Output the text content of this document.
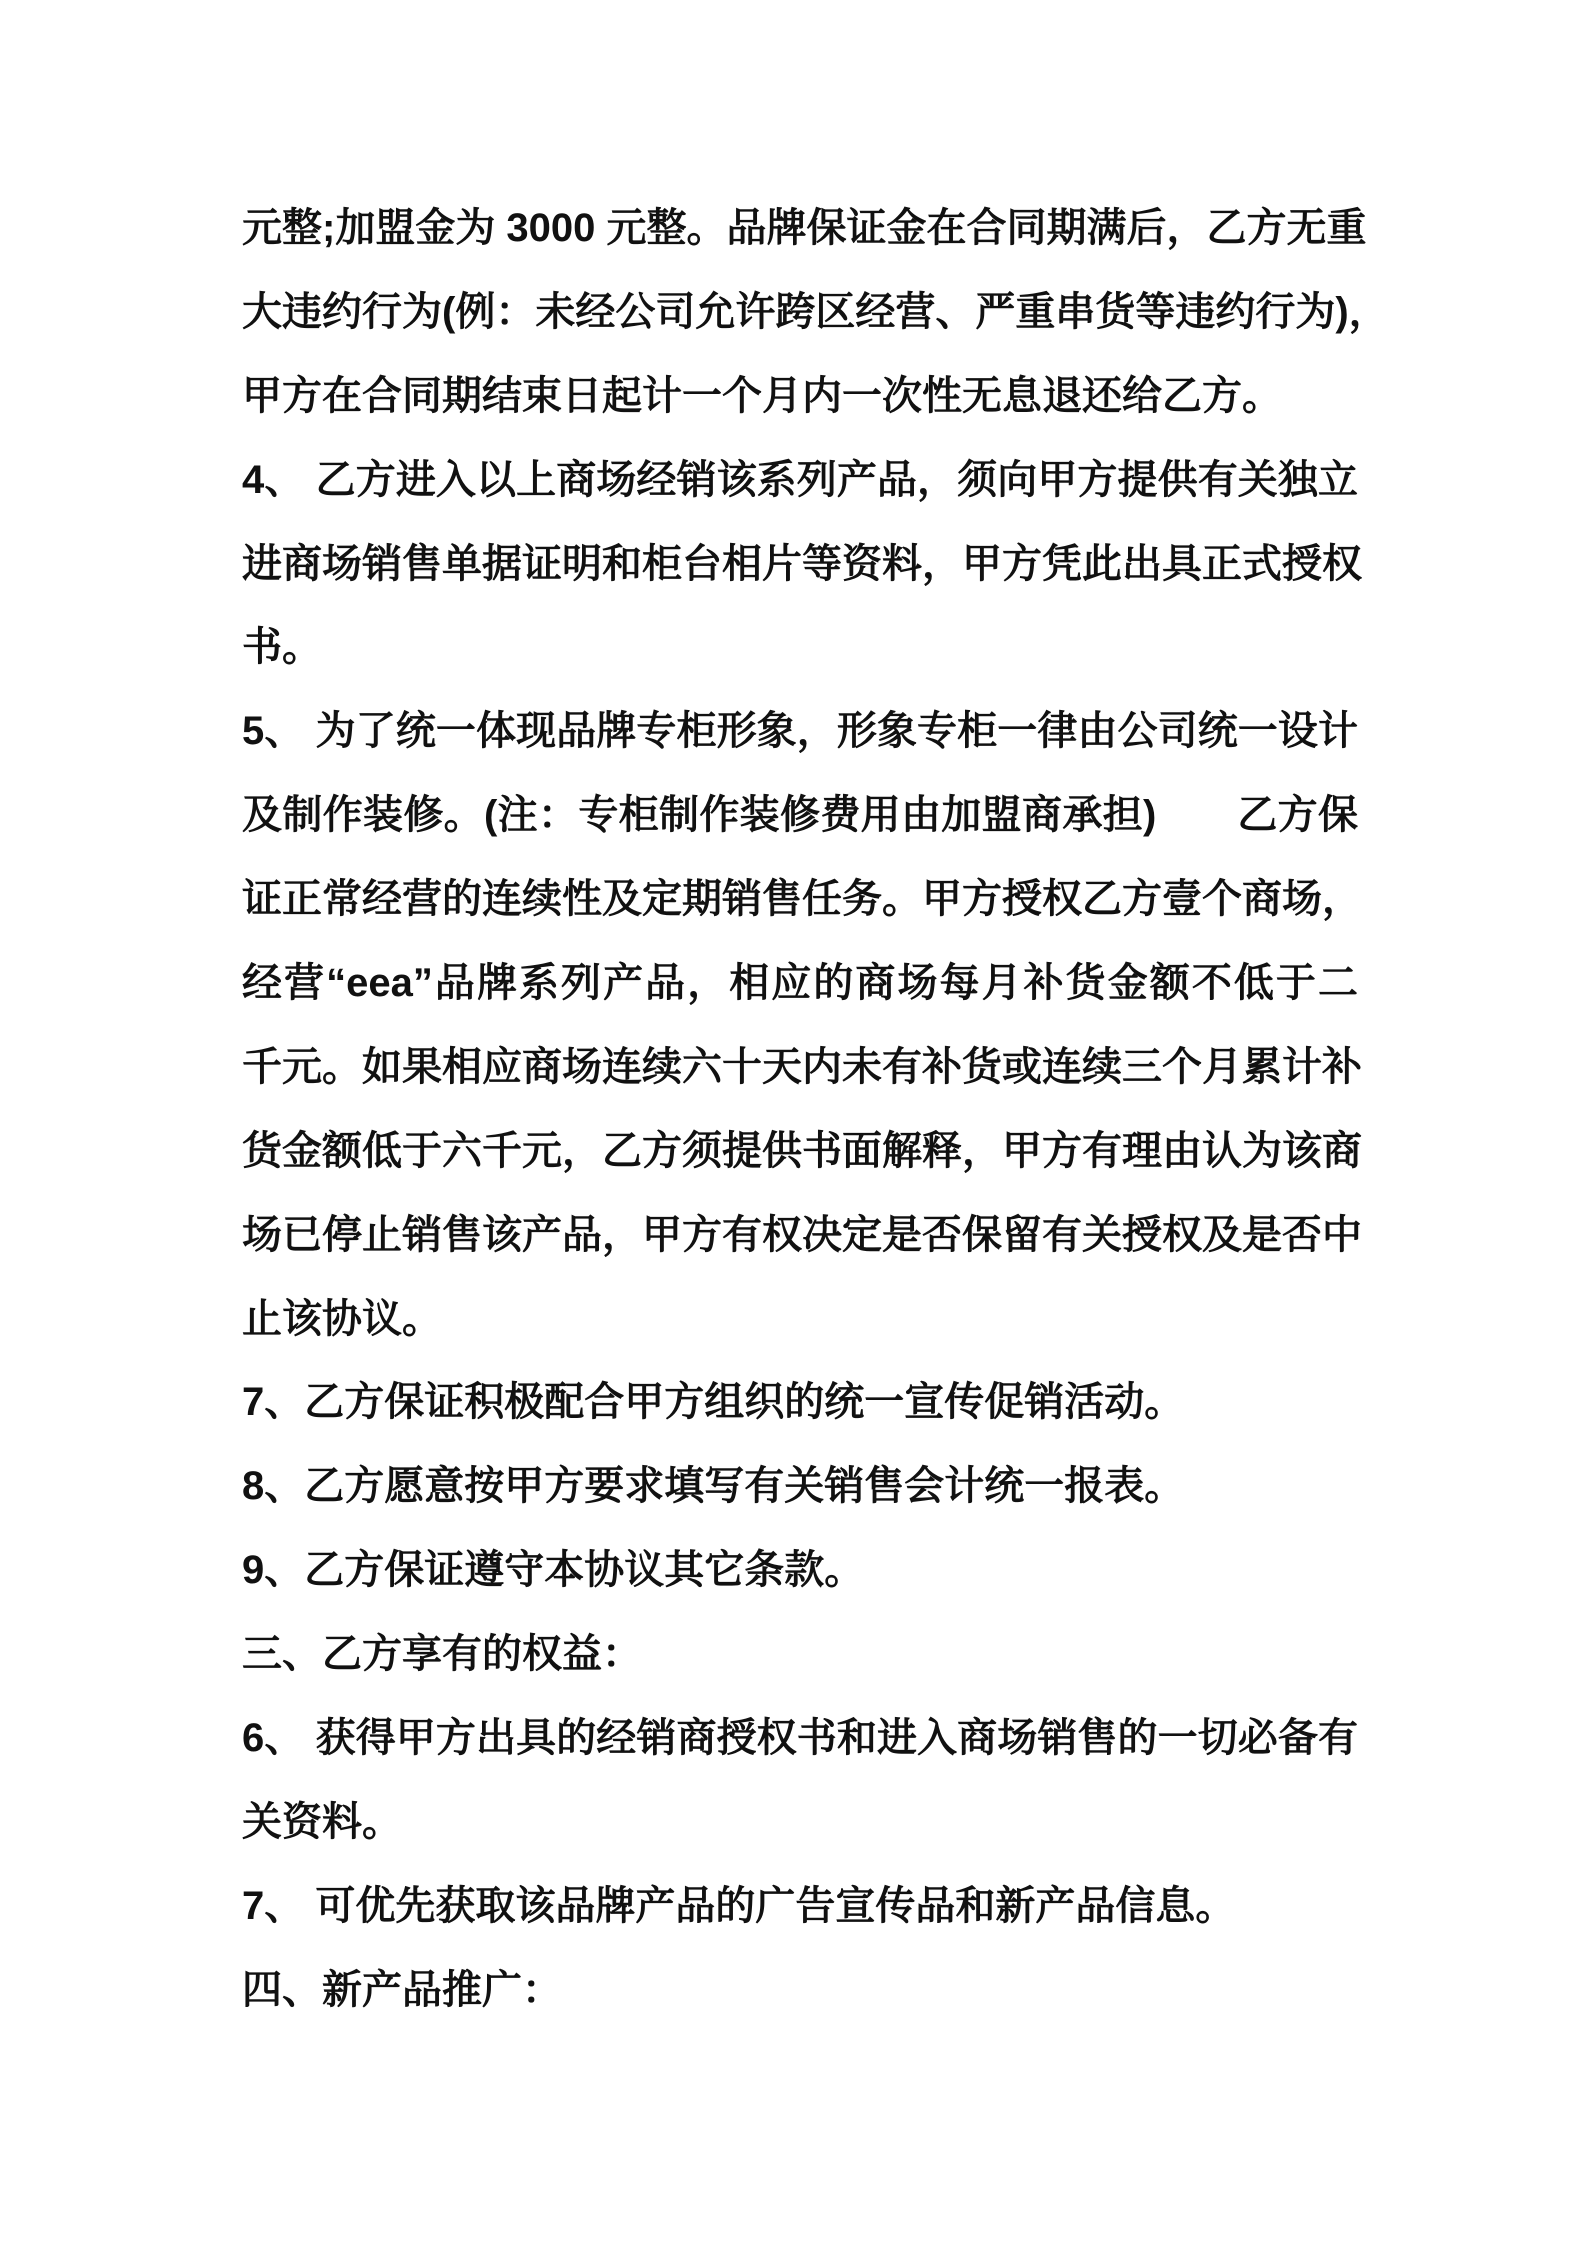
元整;加盟金为 3000 元整。品牌保证金在合同期满后，乙方无重
大违约行为(例：未经公司允许跨区经营、严重串货等违约行为)，
甲方在合同期结束日起计一个月内一次性无息退还给乙方。
4、 乙方进入以上商场经销该系列产品，须向甲方提供有关独立
进商场销售单据证明和柜台相片等资料，甲方凭此出具正式授权
书。
5、 为了统一体现品牌专柜形象，形象专柜一律由公司统一设计
及制作装修。(注：专柜制作装修费用由加盟商承担)　　乙方保
证正常经营的连续性及定期销售任务。甲方授权乙方壹个商场，
经营“eea”品牌系列产品，相应的商场每月补货金额不低于二
千元。如果相应商场连续六十天内未有补货或连续三个月累计补
货金额低于六千元，乙方须提供书面解释，甲方有理由认为该商
场已停止销售该产品，甲方有权决定是否保留有关授权及是否中
止该协议。
7、乙方保证积极配合甲方组织的统一宣传促销活动。
8、乙方愿意按甲方要求填写有关销售会计统一报表。
9、乙方保证遵守本协议其它条款。
三、乙方享有的权益：
6、 获得甲方出具的经销商授权书和进入商场销售的一切必备有
关资料。
7、 可优先获取该品牌产品的广告宣传品和新产品信息。
四、新产品推广：
